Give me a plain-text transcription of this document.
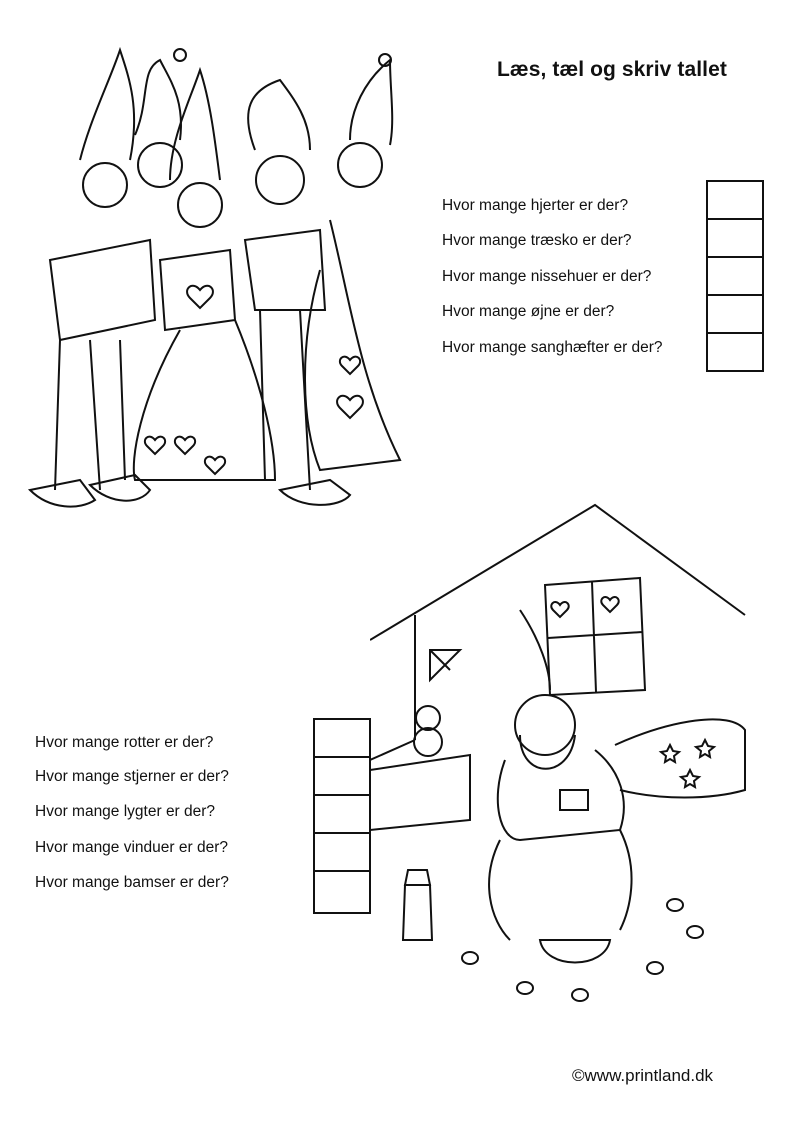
Læs, tæl og skriv tallet
Hvor mange hjerter er der?
Hvor mange træsko er der?
Hvor mange nissehuer er der?
Hvor mange øjne er der?
Hvor mange sanghæfter er der?
Hvor mange rotter er der?
Hvor mange stjerner er der?
Hvor mange lygter er der?
Hvor mange vinduer er der?
Hvor mange bamser er der?
©www.printland.dk
